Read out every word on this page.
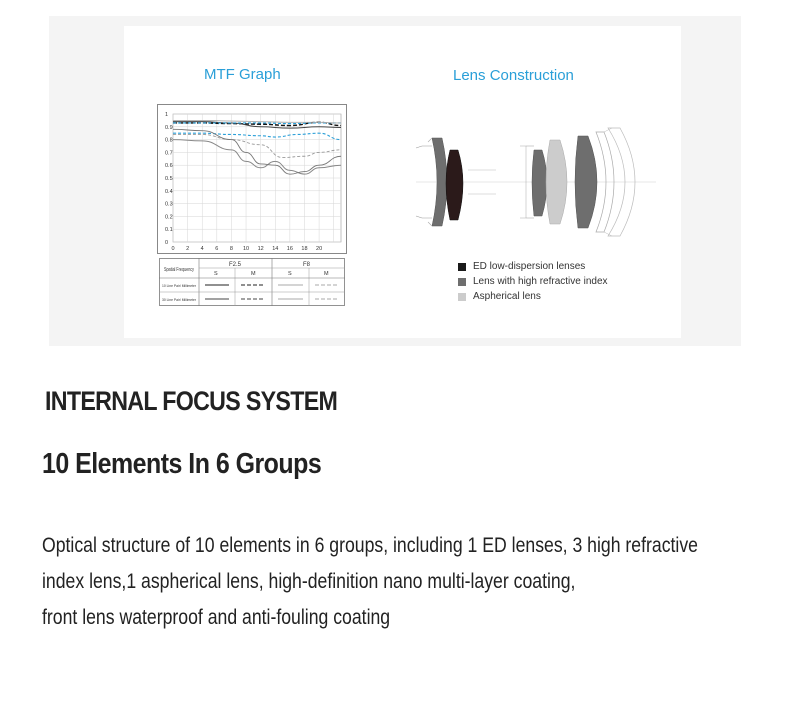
MTF Graph	Lens Construction
1
0.9
0.8
0.7
0.6
0.5
0.4
0.3
0.2
0.1
0
0 2 4 6 8 10 12 14 16 18 20
Spatial Frequency
F2.5	F8
S	M	S	M
10 Line Pair/ Millimeter
30 Line Pair/ Millimeter
ED low-dispersion lenses
Lens with high refractive index
Aspherical lens
INTERNAL FOCUS SYSTEM
10 Elements In 6 Groups
Optical structure of 10 elements in 6 groups, including 1 ED lenses, 3 high refractive
index lens,1 aspherical lens, high-definition nano multi-layer coating,
front lens waterproof and anti-fouling coating
